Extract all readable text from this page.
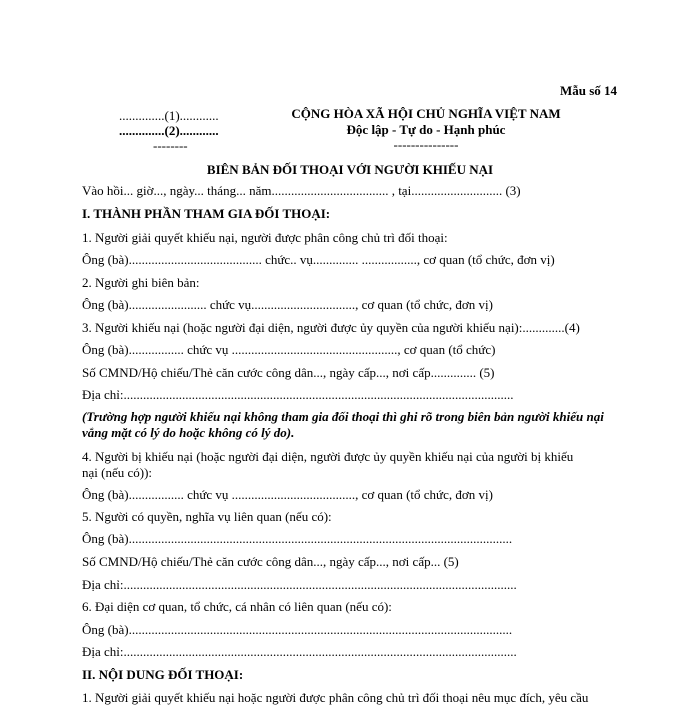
Mẫu số 14
..............(1)............
..............(2)............
--------
CỘNG HÒA XÃ HỘI CHỦ NGHĨA VIỆT NAM
Độc lập - Tự do - Hạnh phúc
---------------
BIÊN BẢN ĐỐI THOẠI VỚI NGƯỜI KHIẾU NẠI
Vào hồi... giờ..., ngày... tháng... năm.................................... , tại............................ (3)
I. THÀNH PHẦN THAM GIA ĐỐI THOẠI:
1. Người giải quyết khiếu nại, người được phân công chủ trì đối thoại:
Ông (bà)......................................... chức.. vụ.............. ................., cơ quan (tổ chức, đơn vị)
2. Người ghi biên bản:
Ông (bà)........................ chức vụ................................, cơ quan (tổ chức, đơn vị)
3. Người khiếu nại (hoặc người đại diện, người được ủy quyền của người khiếu nại):.............(4)
Ông (bà)................. chức vụ ..................................................., cơ quan (tổ chức)
Số CMND/Hộ chiếu/Thẻ căn cước công dân..., ngày cấp..., nơi cấp.............. (5)
Địa chỉ:........................................................................................................................
(Trường hợp người khiếu nại không tham gia đối thoại thì ghi rõ trong biên bản người khiếu nại
vắng mặt có lý do hoặc không có lý do).
4. Người bị khiếu nại (hoặc người đại diện, người được ủy quyền khiếu nại của người bị khiếu
nại (nếu có)):
Ông (bà)................. chức vụ ......................................, cơ quan (tổ chức, đơn vị)
5. Người có quyền, nghĩa vụ liên quan (nếu có):
Ông (bà)......................................................................................................................
Số CMND/Hộ chiếu/Thẻ căn cước công dân..., ngày cấp..., nơi cấp... (5)
Địa chỉ:.........................................................................................................................
6. Đại diện cơ quan, tổ chức, cá nhân có liên quan (nếu có):
Ông (bà)......................................................................................................................
Địa chỉ:.........................................................................................................................
II. NỘI DUNG ĐỐI THOẠI:
1. Người giải quyết khiếu nại hoặc người được phân công chủ trì đối thoại nêu mục đích, yêu cầu
